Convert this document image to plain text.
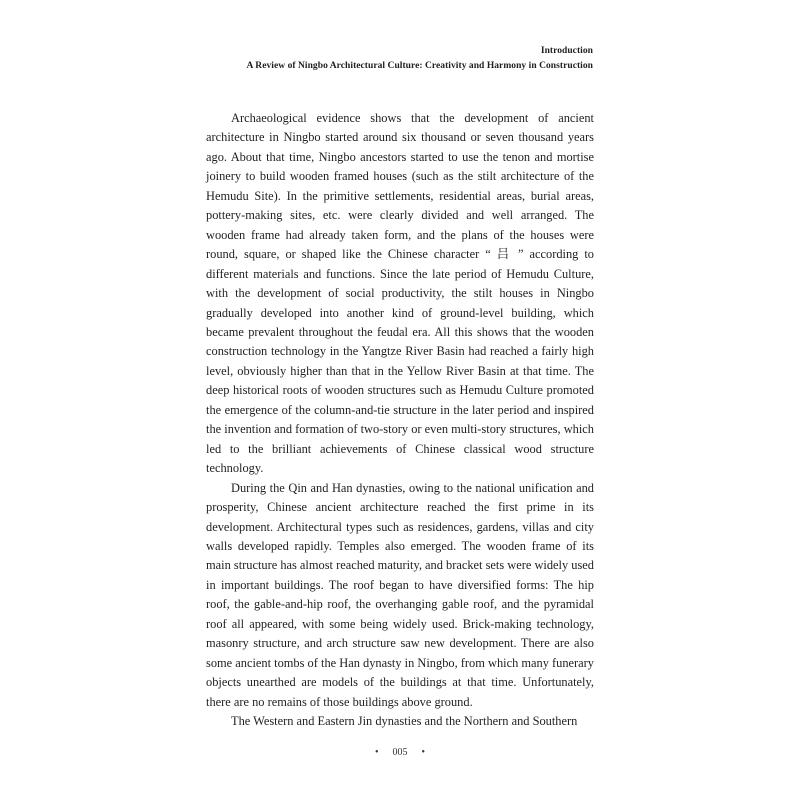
Introduction
A Review of Ningbo Architectural Culture: Creativity and Harmony in Construction

Archaeological evidence shows that the development of ancient architecture in Ningbo started around six thousand or seven thousand years ago. About that time, Ningbo ancestors started to use the tenon and mortise joinery to build wooden framed houses (such as the stilt architecture of the Hemudu Site). In the primitive settlements, residential areas, burial areas, pottery-making sites, etc. were clearly divided and well arranged. The wooden frame had already taken form, and the plans of the houses were round, square, or shaped like the Chinese character “ 吕 ” according to different materials and functions. Since the late period of Hemudu Culture, with the development of social productivity, the stilt houses in Ningbo gradually developed into another kind of ground-level building, which became prevalent throughout the feudal era. All this shows that the wooden construction technology in the Yangtze River Basin had reached a fairly high level, obviously higher than that in the Yellow River Basin at that time. The deep historical roots of wooden structures such as Hemudu Culture promoted the emergence of the column-and-tie structure in the later period and inspired the invention and formation of two-story or even multi-story structures, which led to the brilliant achievements of Chinese classical wood structure technology.

During the Qin and Han dynasties, owing to the national unification and prosperity, Chinese ancient architecture reached the first prime in its development. Architectural types such as residences, gardens, villas and city walls developed rapidly. Temples also emerged. The wooden frame of its main structure has almost reached maturity, and bracket sets were widely used in important buildings. The roof began to have diversified forms: The hip roof, the gable-and-hip roof, the overhanging gable roof, and the pyramidal roof all appeared, with some being widely used. Brick-making technology, masonry structure, and arch structure saw new development. There are also some ancient tombs of the Han dynasty in Ningbo, from which many funerary objects unearthed are models of the buildings at that time. Unfortunately, there are no remains of those buildings above ground.

The Western and Eastern Jin dynasties and the Northern and Southern

• 005 •
